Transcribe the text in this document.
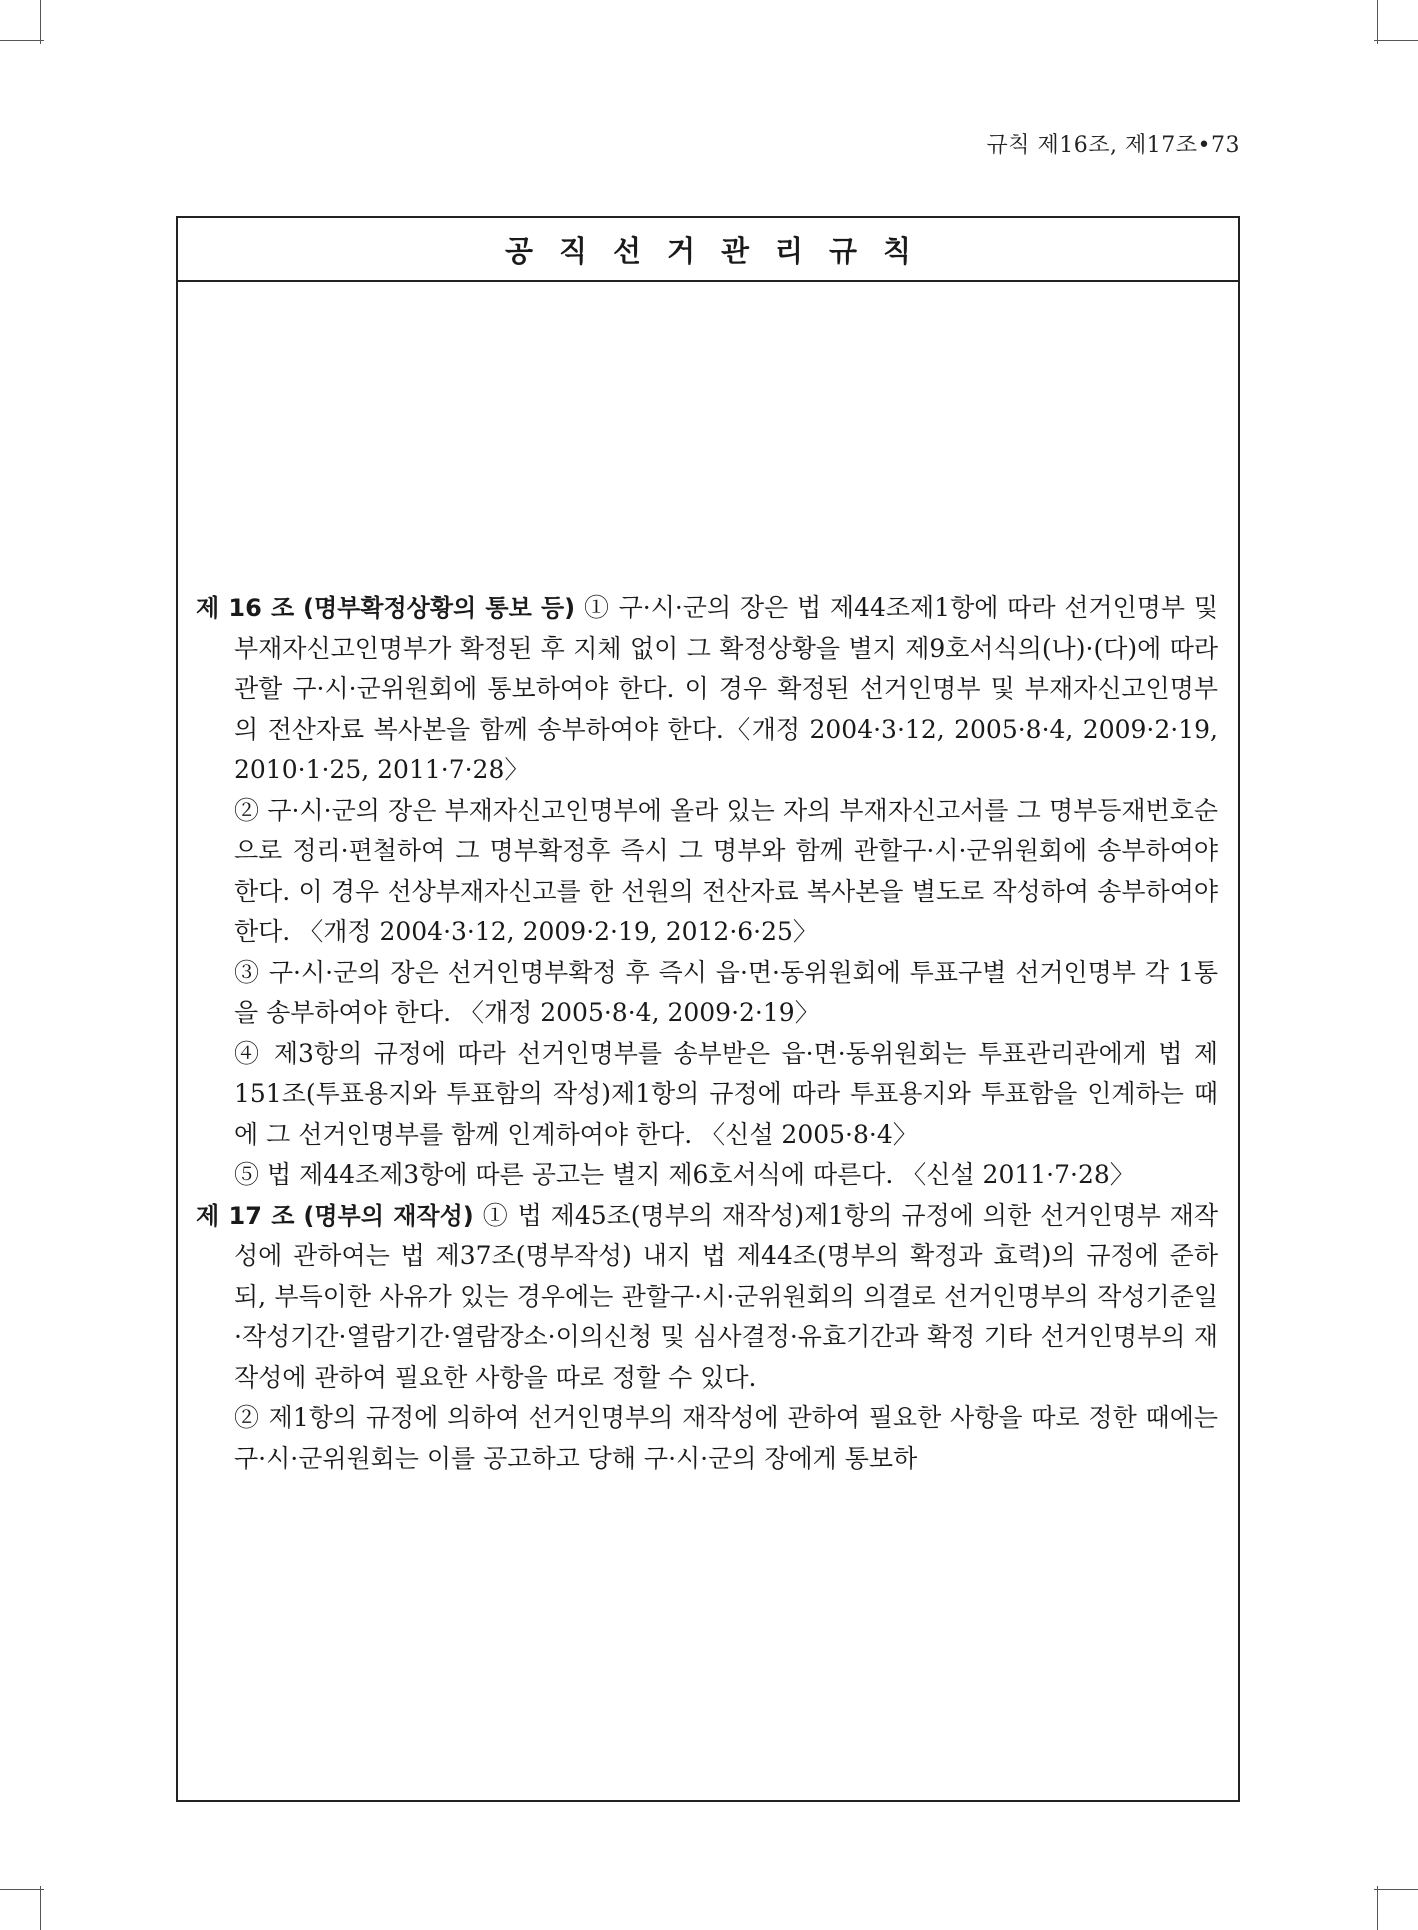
규칙 제16조, 제17조•73
공직선거관리규칙

제 16 조 (명부확정상황의 통보 등) ① 구·시·군의 장은 법 제44조제1항에 따라 선거인명부 및 부재자신고인명부가 확정된 후 지체 없이 그 확정상황을 별지 제9호서식의(나)·(다)에 따라 관할 구·시·군위원회에 통보하여야 한다. 이 경우 확정된 선거인명부 및 부재자신고인명부의 전산자료 복사본을 함께 송부하여야 한다.〈개정 2004·3·12, 2005·8·4, 2009·2·19, 2010·1·25, 2011·7·28〉

② 구·시·군의 장은 부재자신고인명부에 올라 있는 자의 부재자신고서를 그 명부등재번호순으로 정리·편철하여 그 명부확정후 즉시 그 명부와 함께 관할구·시·군위원회에 송부하여야 한다. 이 경우 선상부재자신고를 한 선원의 전산자료 복사본을 별도로 작성하여 송부하여야 한다. 〈개정 2004·3·12, 2009·2·19, 2012·6·25〉

③ 구·시·군의 장은 선거인명부확정 후 즉시 읍·면·동위원회에 투표구별 선거인명부 각 1통을 송부하여야 한다. 〈개정 2005·8·4, 2009·2·19〉

④ 제3항의 규정에 따라 선거인명부를 송부받은 읍·면·동위원회는 투표관리관에게 법 제151조(투표용지와 투표함의 작성)제1항의 규정에 따라 투표용지와 투표함을 인계하는 때에 그 선거인명부를 함께 인계하여야 한다. 〈신설 2005·8·4〉

⑤ 법 제44조제3항에 따른 공고는 별지 제6호서식에 따른다. 〈신설 2011·7·28〉

제 17 조 (명부의 재작성) ① 법 제45조(명부의 재작성)제1항의 규정에 의한 선거인명부 재작성에 관하여는 법 제37조(명부작성) 내지 법 제44조(명부의 확정과 효력)의 규정에 준하되, 부득이한 사유가 있는 경우에는 관할구·시·군위원회의 의결로 선거인명부의 작성기준일·작성기간·열람기간·열람장소·이의신청 및 심사결정·유효기간과 확정 기타 선거인명부의 재작성에 관하여 필요한 사항을 따로 정할 수 있다.

② 제1항의 규정에 의하여 선거인명부의 재작성에 관하여 필요한 사항을 따로 정한 때에는 구·시·군위원회는 이를 공고하고 당해 구·시·군의 장에게 통보하
